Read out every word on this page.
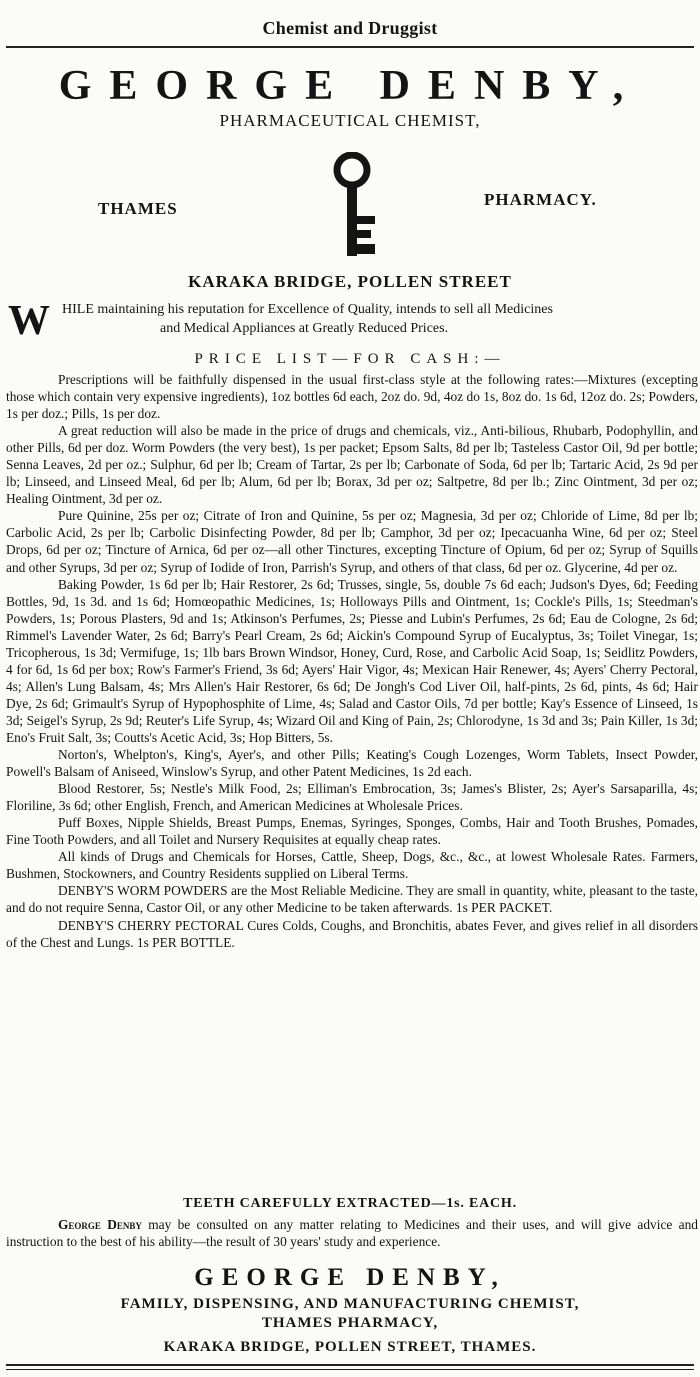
Chemist and Druggist
GEORGE DENBY,
PHARMACEUTICAL CHEMIST,
THAMES	PHARMACY.
KARAKA BRIDGE, POLLEN STREET
W HILE maintaining his reputation for Excellence of Quality, intends to sell all Medicines
and Medical Appliances at Greatly Reduced Prices.
PRICE LIST—FOR CASH:—

Prescriptions will be faithfully dispensed in the usual first-class style at the following rates:—Mixtures (excepting those which contain very expensive ingredients), 1oz bottles 6d each, 2oz do. 9d, 4oz do 1s, 8oz do. 1s 6d, 12oz do. 2s; Powders, 1s per doz.; Pills, 1s per doz.

A great reduction will also be made in the price of drugs and chemicals, viz., Anti-bilious, Rhubarb, Podophyllin, and other Pills, 6d per doz. Worm Powders (the very best), 1s per packet; Epsom Salts, 8d per lb; Tasteless Castor Oil, 9d per bottle; Senna Leaves, 2d per oz.; Sulphur, 6d per lb; Cream of Tartar, 2s per lb; Carbonate of Soda, 6d per lb; Tartaric Acid, 2s 9d per lb; Linseed, and Linseed Meal, 6d per lb; Alum, 6d per lb; Borax, 3d per oz; Saltpetre, 8d per lb.; Zinc Ointment, 3d per oz; Healing Ointment, 3d per oz.

Pure Quinine, 25s per oz; Citrate of Iron and Quinine, 5s per oz; Magnesia, 3d per oz; Chloride of Lime, 8d per lb; Carbolic Acid, 2s per lb; Carbolic Disinfecting Powder, 8d per lb; Camphor, 3d per oz; Ipecacuanha Wine, 6d per oz; Steel Drops, 6d per oz; Tincture of Arnica, 6d per oz—all other Tinctures, excepting Tincture of Opium, 6d per oz; Syrup of Squills and other Syrups, 3d per oz; Syrup of Iodide of Iron, Parrish's Syrup, and others of that class, 6d per oz. Glycerine, 4d per oz.

Baking Powder, 1s 6d per lb; Hair Restorer, 2s 6d; Trusses, single, 5s, double 7s 6d each; Judson's Dyes, 6d; Feeding Bottles, 9d, 1s 3d. and 1s 6d; Homœopathic Medicines, 1s; Holloways Pills and Ointment, 1s; Cockle's Pills, 1s; Steedman's Powders, 1s; Porous Plasters, 9d and 1s; Atkinson's Perfumes, 2s; Piesse and Lubin's Perfumes, 2s 6d; Eau de Cologne, 2s 6d; Rimmel's Lavender Water, 2s 6d; Barry's Pearl Cream, 2s 6d; Aickin's Compound Syrup of Eucalyptus, 3s; Toilet Vinegar, 1s; Tricopherous, 1s 3d; Vermifuge, 1s; 1lb bars Brown Windsor, Honey, Curd, Rose, and Carbolic Acid Soap, 1s; Seidlitz Powders, 4 for 6d, 1s 6d per box; Row's Farmer's Friend, 3s 6d; Ayers' Hair Vigor, 4s; Mexican Hair Renewer, 4s; Ayers' Cherry Pectoral, 4s; Allen's Lung Balsam, 4s; Mrs Allen's Hair Restorer, 6s 6d; De Jongh's Cod Liver Oil, half-pints, 2s 6d, pints, 4s 6d; Hair Dye, 2s 6d; Grimault's Syrup of Hypophosphite of Lime, 4s; Salad and Castor Oils, 7d per bottle; Kay's Essence of Linseed, 1s 3d; Seigel's Syrup, 2s 9d; Reuter's Life Syrup, 4s; Wizard Oil and King of Pain, 2s; Chlorodyne, 1s 3d and 3s; Pain Killer, 1s 3d; Eno's Fruit Salt, 3s; Coutts's Acetic Acid, 3s; Hop Bitters, 5s.

Norton's, Whelpton's, King's, Ayer's, and other Pills; Keating's Cough Lozenges, Worm Tablets, Insect Powder, Powell's Balsam of Aniseed, Winslow's Syrup, and other Patent Medicines, 1s 2d each.

Blood Restorer, 5s; Nestle's Milk Food, 2s; Elliman's Embrocation, 3s; James's Blister, 2s; Ayer's Sarsaparilla, 4s; Floriline, 3s 6d; other English, French, and American Medicines at Wholesale Prices.

Puff Boxes, Nipple Shields, Breast Pumps, Enemas, Syringes, Sponges, Combs, Hair and Tooth Brushes, Pomades, Fine Tooth Powders, and all Toilet and Nursery Requisites at equally cheap rates.

All kinds of Drugs and Chemicals for Horses, Cattle, Sheep, Dogs, &c., &c., at lowest Wholesale Rates. Farmers, Bushmen, Stockowners, and Country Residents supplied on Liberal Terms.

DENBY'S WORM POWDERS are the Most Reliable Medicine. They are small in quantity, white, pleasant to the taste, and do not require Senna, Castor Oil, or any other Medicine to be taken afterwards. 1s PER PACKET.

DENBY'S CHERRY PECTORAL Cures Colds, Coughs, and Bronchitis, abates Fever, and gives relief in all disorders of the Chest and Lungs. 1s PER BOTTLE.

TEETH CAREFULLY EXTRACTED—1s. EACH.

George Denby may be consulted on any matter relating to Medicines and their uses, and will give advice and instruction to the best of his ability—the result of 30 years' study and experience.

GEORGE DENBY,
FAMILY, DISPENSING, AND MANUFACTURING CHEMIST,
THAMES PHARMACY,
KARAKA BRIDGE, POLLEN STREET, THAMES.
